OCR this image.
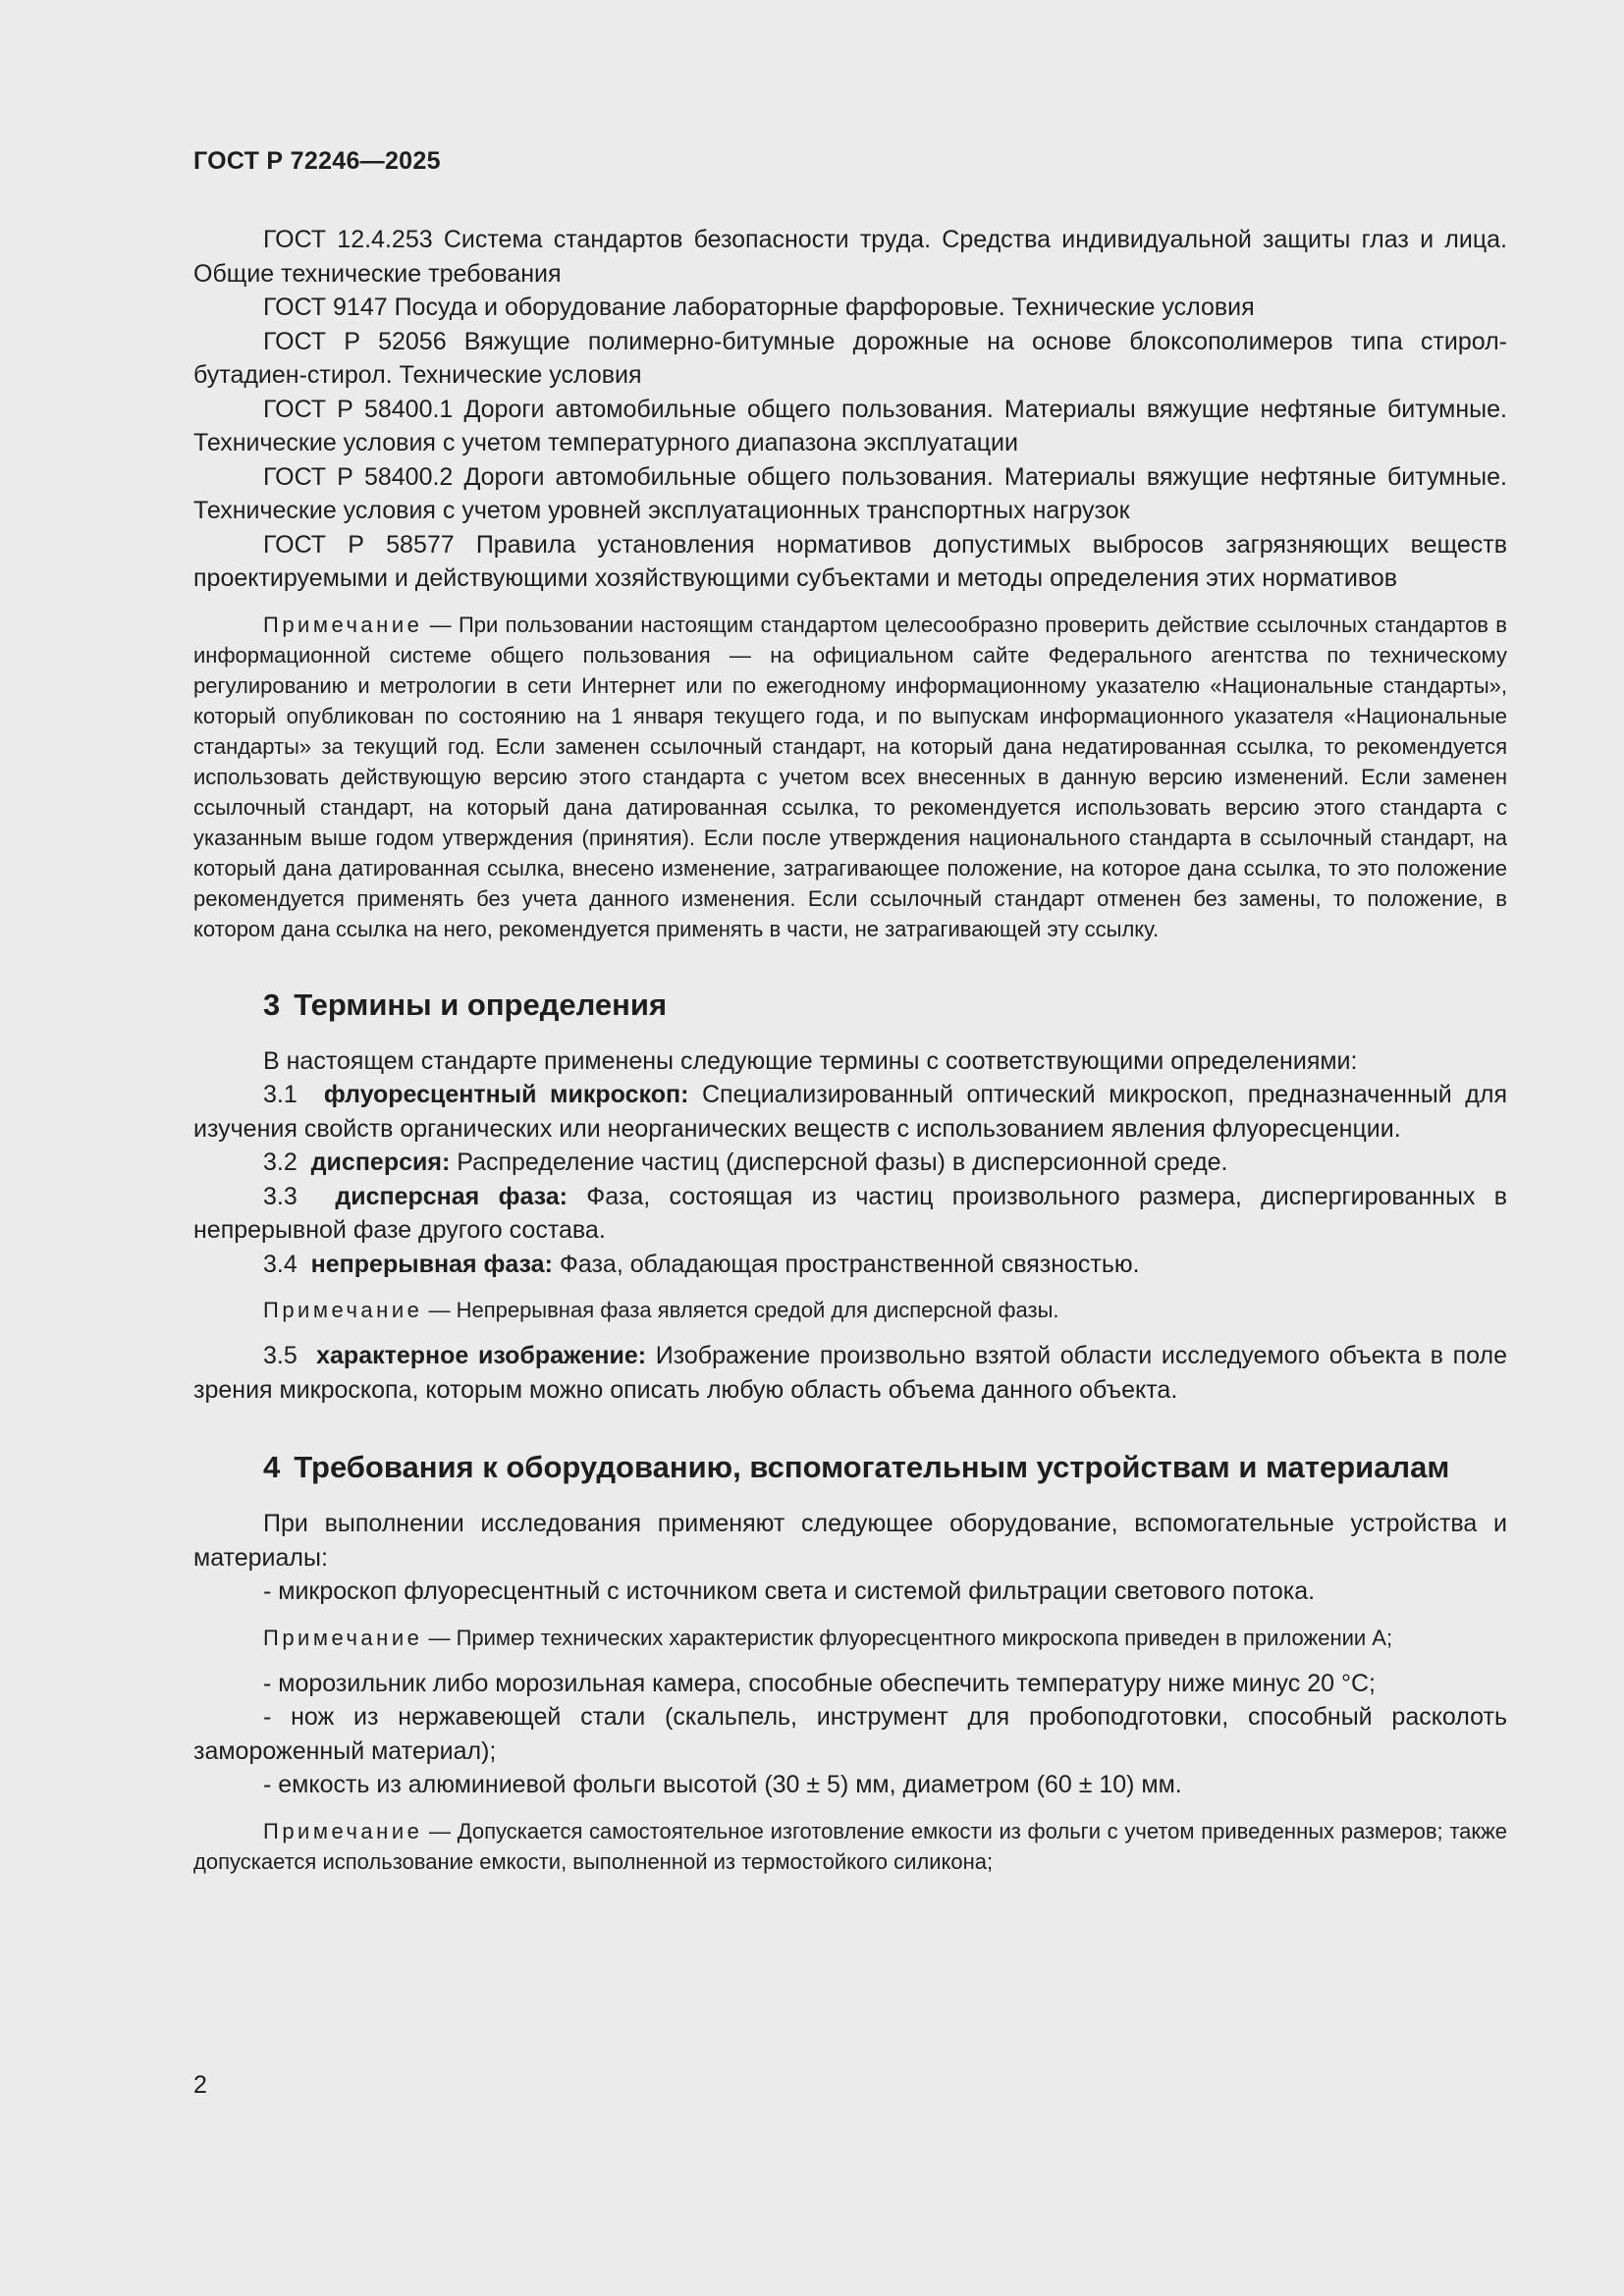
ГОСТ Р 72246—2025

ГОСТ 12.4.253 Система стандартов безопасности труда. Средства индивидуальной защиты глаз и лица. Общие технические требования

ГОСТ 9147 Посуда и оборудование лабораторные фарфоровые. Технические условия

ГОСТ Р 52056 Вяжущие полимерно-битумные дорожные на основе блоксополимеров типа стирол-бутадиен-стирол. Технические условия

ГОСТ Р 58400.1 Дороги автомобильные общего пользования. Материалы вяжущие нефтяные битумные. Технические условия с учетом температурного диапазона эксплуатации

ГОСТ Р 58400.2 Дороги автомобильные общего пользования. Материалы вяжущие нефтяные битумные. Технические условия с учетом уровней эксплуатационных транспортных нагрузок

ГОСТ Р 58577 Правила установления нормативов допустимых выбросов загрязняющих веществ проектируемыми и действующими хозяйствующими субъектами и методы определения этих нормативов

Примечание — При пользовании настоящим стандартом целесообразно проверить действие ссылочных стандартов в информационной системе общего пользования — на официальном сайте Федерального агентства по техническому регулированию и метрологии в сети Интернет или по ежегодному информационному указателю «Национальные стандарты», который опубликован по состоянию на 1 января текущего года, и по выпускам информационного указателя «Национальные стандарты» за текущий год. Если заменен ссылочный стандарт, на который дана недатированная ссылка, то рекомендуется использовать действующую версию этого стандарта с учетом всех внесенных в данную версию изменений. Если заменен ссылочный стандарт, на который дана датированная ссылка, то рекомендуется использовать версию этого стандарта с указанным выше годом утверждения (принятия). Если после утверждения национального стандарта в ссылочный стандарт, на который дана датированная ссылка, внесено изменение, затрагивающее положение, на которое дана ссылка, то это положение рекомендуется применять без учета данного изменения. Если ссылочный стандарт отменен без замены, то положение, в котором дана ссылка на него, рекомендуется применять в части, не затрагивающей эту ссылку.

3 Термины и определения

В настоящем стандарте применены следующие термины с соответствующими определениями:

3.1 флуоресцентный микроскоп: Специализированный оптический микроскоп, предназначенный для изучения свойств органических или неорганических веществ с использованием явления флуоресценции.

3.2 дисперсия: Распределение частиц (дисперсной фазы) в дисперсионной среде.

3.3 дисперсная фаза: Фаза, состоящая из частиц произвольного размера, диспергированных в непрерывной фазе другого состава.

3.4 непрерывная фаза: Фаза, обладающая пространственной связностью.

Примечание — Непрерывная фаза является средой для дисперсной фазы.

3.5 характерное изображение: Изображение произвольно взятой области исследуемого объекта в поле зрения микроскопа, которым можно описать любую область объема данного объекта.

4 Требования к оборудованию, вспомогательным устройствам и материалам

При выполнении исследования применяют следующее оборудование, вспомогательные устройства и материалы:

- микроскоп флуоресцентный с источником света и системой фильтрации светового потока.

Примечание — Пример технических характеристик флуоресцентного микроскопа приведен в приложении А;

- морозильник либо морозильная камера, способные обеспечить температуру ниже минус 20 °С;

- нож из нержавеющей стали (скальпель, инструмент для пробоподготовки, способный расколоть замороженный материал);

- емкость из алюминиевой фольги высотой (30 ± 5) мм, диаметром (60 ± 10) мм.

Примечание — Допускается самостоятельное изготовление емкости из фольги с учетом приведенных размеров; также допускается использование емкости, выполненной из термостойкого силикона;

2
